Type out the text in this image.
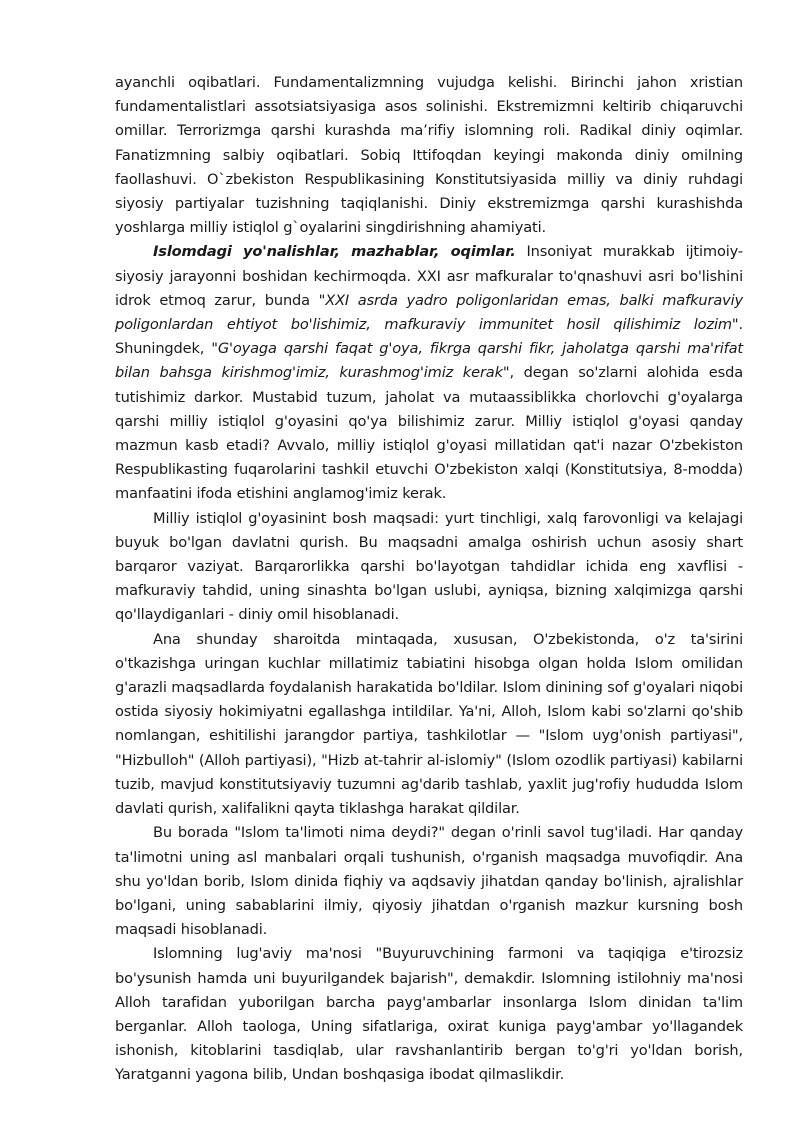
ayanchli oqibatlari. Fundamentalizmning vujudga kelishi. Birinchi jahon xristian fundamentalistlari assotsiatsiyasiga asos solinishi. Ekstremizmni keltirib chiqaruvchi omillar. Terrorizmga qarshi kurashda ma’rifiy islomning roli. Radikal diniy oqimlar. Fanatizmning salbiy oqibatlari. Sobiq Ittifoqdan keyingi makonda diniy omilning faollashuvi. O`zbekiston Respublikasining Konstitutsiyasida milliy va diniy ruhdagi siyosiy partiyalar tuzishning taqiqlanishi. Diniy ekstremizmga qarshi kurashishda yoshlarga milliy istiqlol g`oyalarini singdirishning ahamiyati.

Islomdagi yo'nalishlar, mazhablar, oqimlar. Insoniyat murakkab ijtimoiy-siyosiy jarayonni boshidan kechirmoqda. XXI asr mafkuralar to'qnashuvi asri bo'lishini idrok etmoq zarur, bunda "XXI asrda yadro poligonlaridan emas, balki mafkuraviy poligonlardan ehtiyot bo'lishimiz, mafkuraviy immunitet hosil qilishimiz lozim". Shuningdek, "G'oyaga qarshi faqat g'oya, fikrga qarshi fikr, jaholatga qarshi ma'rifat bilan bahsga kirishmog'imiz, kurashmog'imiz kerak", degan so'zlarni alohida esda tutishimiz darkor. Mustabid tuzum, jaholat va mutaassiblikka chorlovchi g'oyalarga qarshi milliy istiqlol g'oyasini qo'ya bilishimiz zarur. Milliy istiqlol g'oyasi qanday mazmun kasb etadi? Avvalo, milliy istiqlol g'oyasi millatidan qat'i nazar O'zbekiston Respublikasting fuqarolarini tashkil etuvchi O'zbekiston xalqi (Konstitutsiya, 8-modda) manfaatini ifoda etishini anglamog'imiz kerak.

Milliy istiqlol g'oyasinint bosh maqsadi: yurt tinchligi, xalq farovonligi va kelajagi buyuk bo'lgan davlatni qurish. Bu maqsadni amalga oshirish uchun asosiy shart barqaror vaziyat. Barqarorlikka qarshi bo'layotgan tahdidlar ichida eng xavflisi - mafkuraviy tahdid, uning sinashta bo'lgan uslubi, ayniqsa, bizning xalqimizga qarshi qo'llaydiganlari - diniy omil hisoblanadi.

Ana shunday sharoitda mintaqada, xususan, O'zbekistonda, o'z ta'sirini o'tkazishga uringan kuchlar millatimiz tabiatini hisobga olgan holda Islom omilidan g'arazli maqsadlarda foydalanish harakatida bo'ldilar. Islom dinining sof g'oyalari niqobi ostida siyosiy hokimiyatni egallashga intildilar. Ya'ni, Alloh, Islom kabi so'zlarni qo'shib nomlangan, eshitilishi jarangdor partiya, tashkilotlar — "Islom uyg'onish partiyasi", "Hizbulloh" (Alloh partiyasi), "Hizb at-tahrir al-islomiy" (Islom ozodlik partiyasi) kabilarni tuzib, mavjud konstitutsiyaviy tuzumni ag'darib tashlab, yaxlit jug'rofiy hududda Islom davlati qurish, xalifalikni qayta tiklashga harakat qildilar.

Bu borada "Islom ta'limoti nima deydi?" degan o'rinli savol tug'iladi. Har qanday ta'limotni uning asl manbalari orqali tushunish, o'rganish maqsadga muvofiqdir. Ana shu yo'ldan borib, Islom dinida fiqhiy va aqdsaviy jihatdan qanday bo'linish, ajralishlar bo'lgani, uning sabablarini ilmiy, qiyosiy jihatdan o'rganish mazkur kursning bosh maqsadi hisoblanadi.

Islomning lug'aviy ma'nosi "Buyuruvchining farmoni va taqiqiga e'tirozsiz bo'ysunish hamda uni buyurilgandek bajarish", demakdir. Islomning istilohniy ma'nosi Alloh tarafidan yuborilgan barcha payg'ambarlar insonlarga Islom dinidan ta'lim berganlar. Alloh taologa, Uning sifatlariga, oxirat kuniga payg'ambar yo'llagandek ishonish, kitoblarini tasdiqlab, ular ravshanlantirib bergan to'g'ri yo'ldan borish, Yaratganni yagona bilib, Undan boshqasiga ibodat qilmaslikdir.
